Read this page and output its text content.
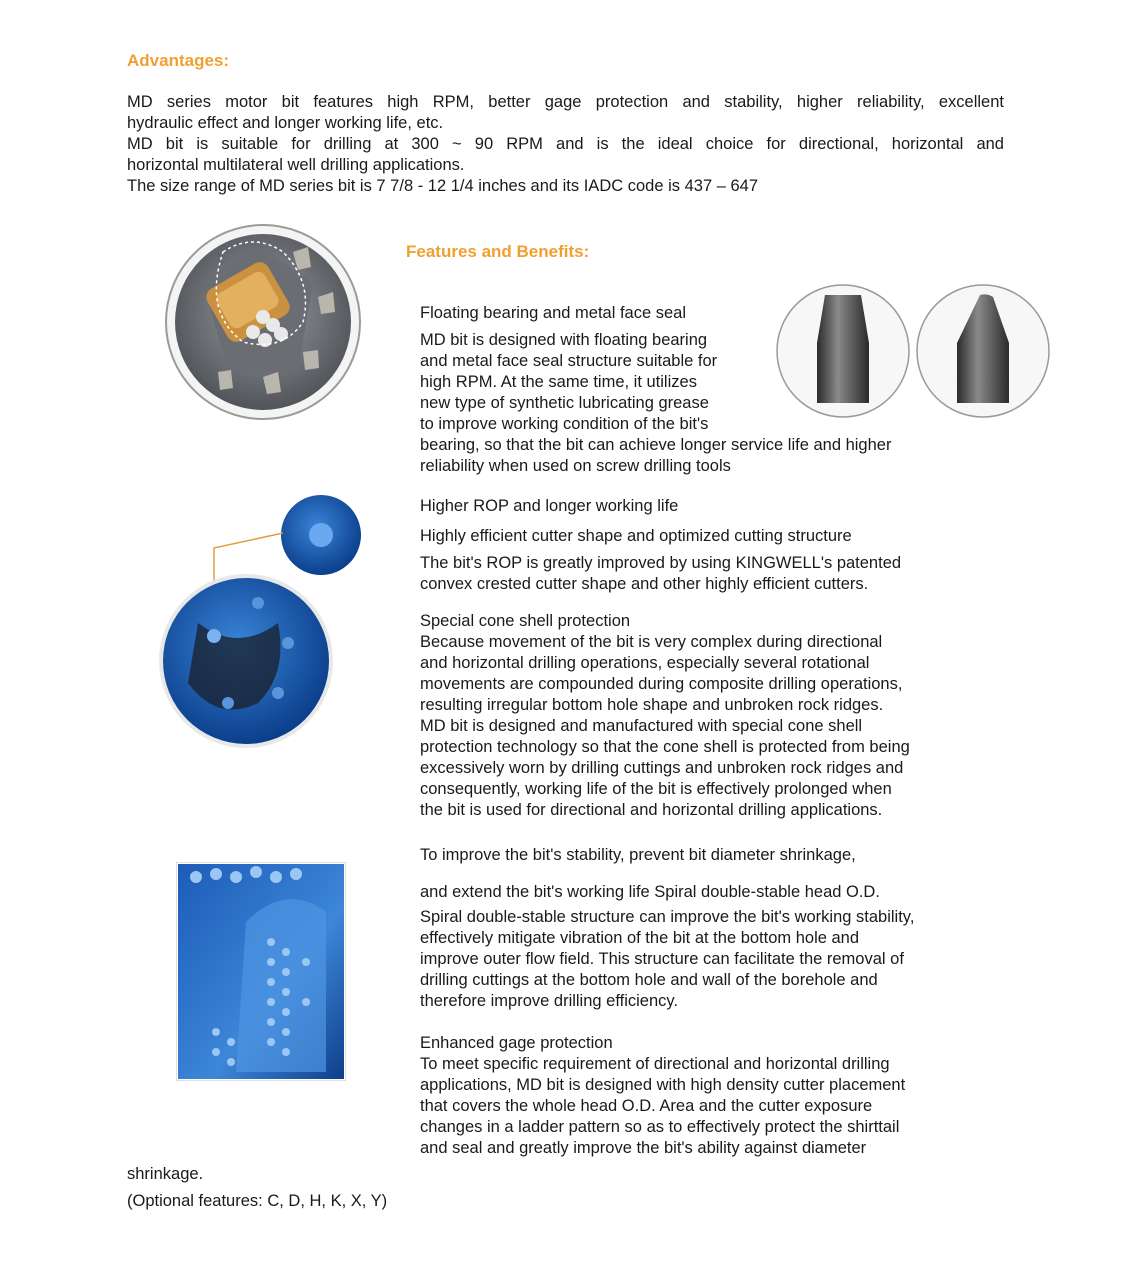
Advantages:
MD series motor bit features high RPM, better gage protection and stability, higher reliability, excellent
hydraulic effect and longer working life, etc.
MD bit is suitable for drilling at 300 ~ 90 RPM and is the ideal choice for directional, horizontal and
horizontal multilateral well drilling applications.
The size range of MD series bit is 7 7/8 - 12 1/4 inches and its IADC code is 437 – 647
Features and Benefits:
Floating bearing and metal face seal
MD bit is designed with floating bearing
and metal face seal structure suitable for
high RPM. At the same time, it utilizes
new type of synthetic lubricating grease
to improve working condition of the bit's
bearing, so that the bit can achieve longer service life and higher
reliability when used on screw drilling tools
Higher ROP and longer working life
Highly efficient cutter shape and optimized cutting structure
The bit's ROP is greatly improved by using KINGWELL's patented
convex crested cutter shape and other highly efficient cutters.
Special cone shell protection
Because movement of the bit is very complex during directional
and horizontal drilling operations, especially several rotational
movements are compounded during composite drilling operations,
resulting irregular bottom hole shape and unbroken rock ridges.
MD bit is designed and manufactured with special cone shell
protection technology so that the cone shell is protected from being
excessively worn by drilling cuttings and unbroken rock ridges and
consequently, working life of the bit is effectively prolonged when
the bit is used for directional and horizontal drilling applications.
To improve the bit's stability, prevent bit diameter shrinkage,
and extend the bit's working life Spiral double-stable head O.D.
Spiral double-stable structure can improve the bit's working stability,
effectively mitigate vibration of the bit at the bottom hole and
improve outer flow field. This structure can facilitate the removal of
drilling cuttings at the bottom hole and wall of the borehole and
therefore improve drilling efficiency.
Enhanced gage protection
To meet specific requirement of directional and horizontal drilling
applications, MD bit is designed with high density cutter placement
that covers the whole head O.D. Area and the cutter exposure
changes in a ladder pattern so as to effectively protect the shirttail
and seal and greatly improve the bit's ability against diameter
shrinkage.
(Optional features: C, D, H, K, X, Y)
